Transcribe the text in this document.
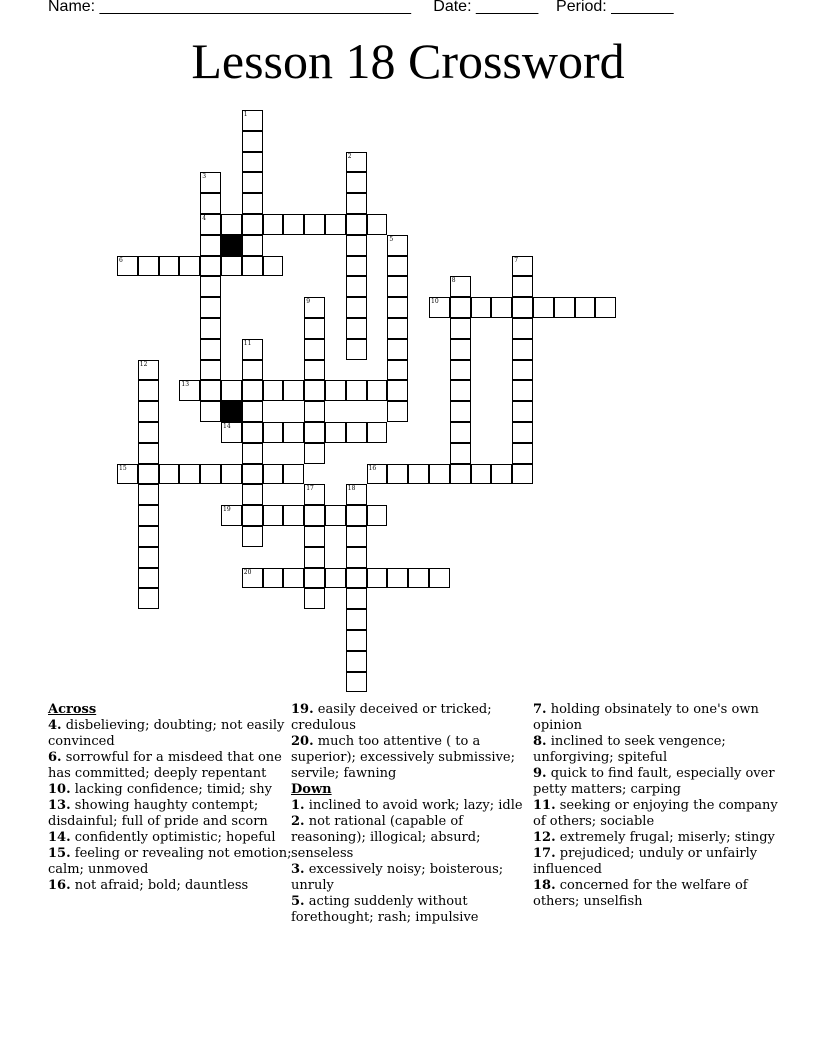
Name: ___________________________________ Date: _______ Period: _______
Lesson 18 Crossword
1
2
3
4
5
6	7
8
9	10
11
12
13
14
15	16
17	18
19
20
Across
4. disbelieving; doubting; not easily convinced
6. sorrowful for a misdeed that one has committed; deeply repentant
10. lacking confidence; timid; shy
13. showing haughty contempt; disdainful; full of pride and scorn
14. confidently optimistic; hopeful
15. feeling or revealing not emotion; calm; unmoved
16. not afraid; bold; dauntless
19. easily deceived or tricked; credulous
20. much too attentive ( to a superior); excessively submissive; servile; fawning
Down
1. inclined to avoid work; lazy; idle
2. not rational (capable of reasoning); illogical; absurd; senseless
3. excessively noisy; boisterous; unruly
5. acting suddenly without forethought; rash; impulsive
7. holding obsinately to one's own opinion
8. inclined to seek vengence; unforgiving; spiteful
9. quick to find fault, especially over petty matters; carping
11. seeking or enjoying the company of others; sociable
12. extremely frugal; miserly; stingy
17. prejudiced; unduly or unfairly influenced
18. concerned for the welfare of others; unselfish
